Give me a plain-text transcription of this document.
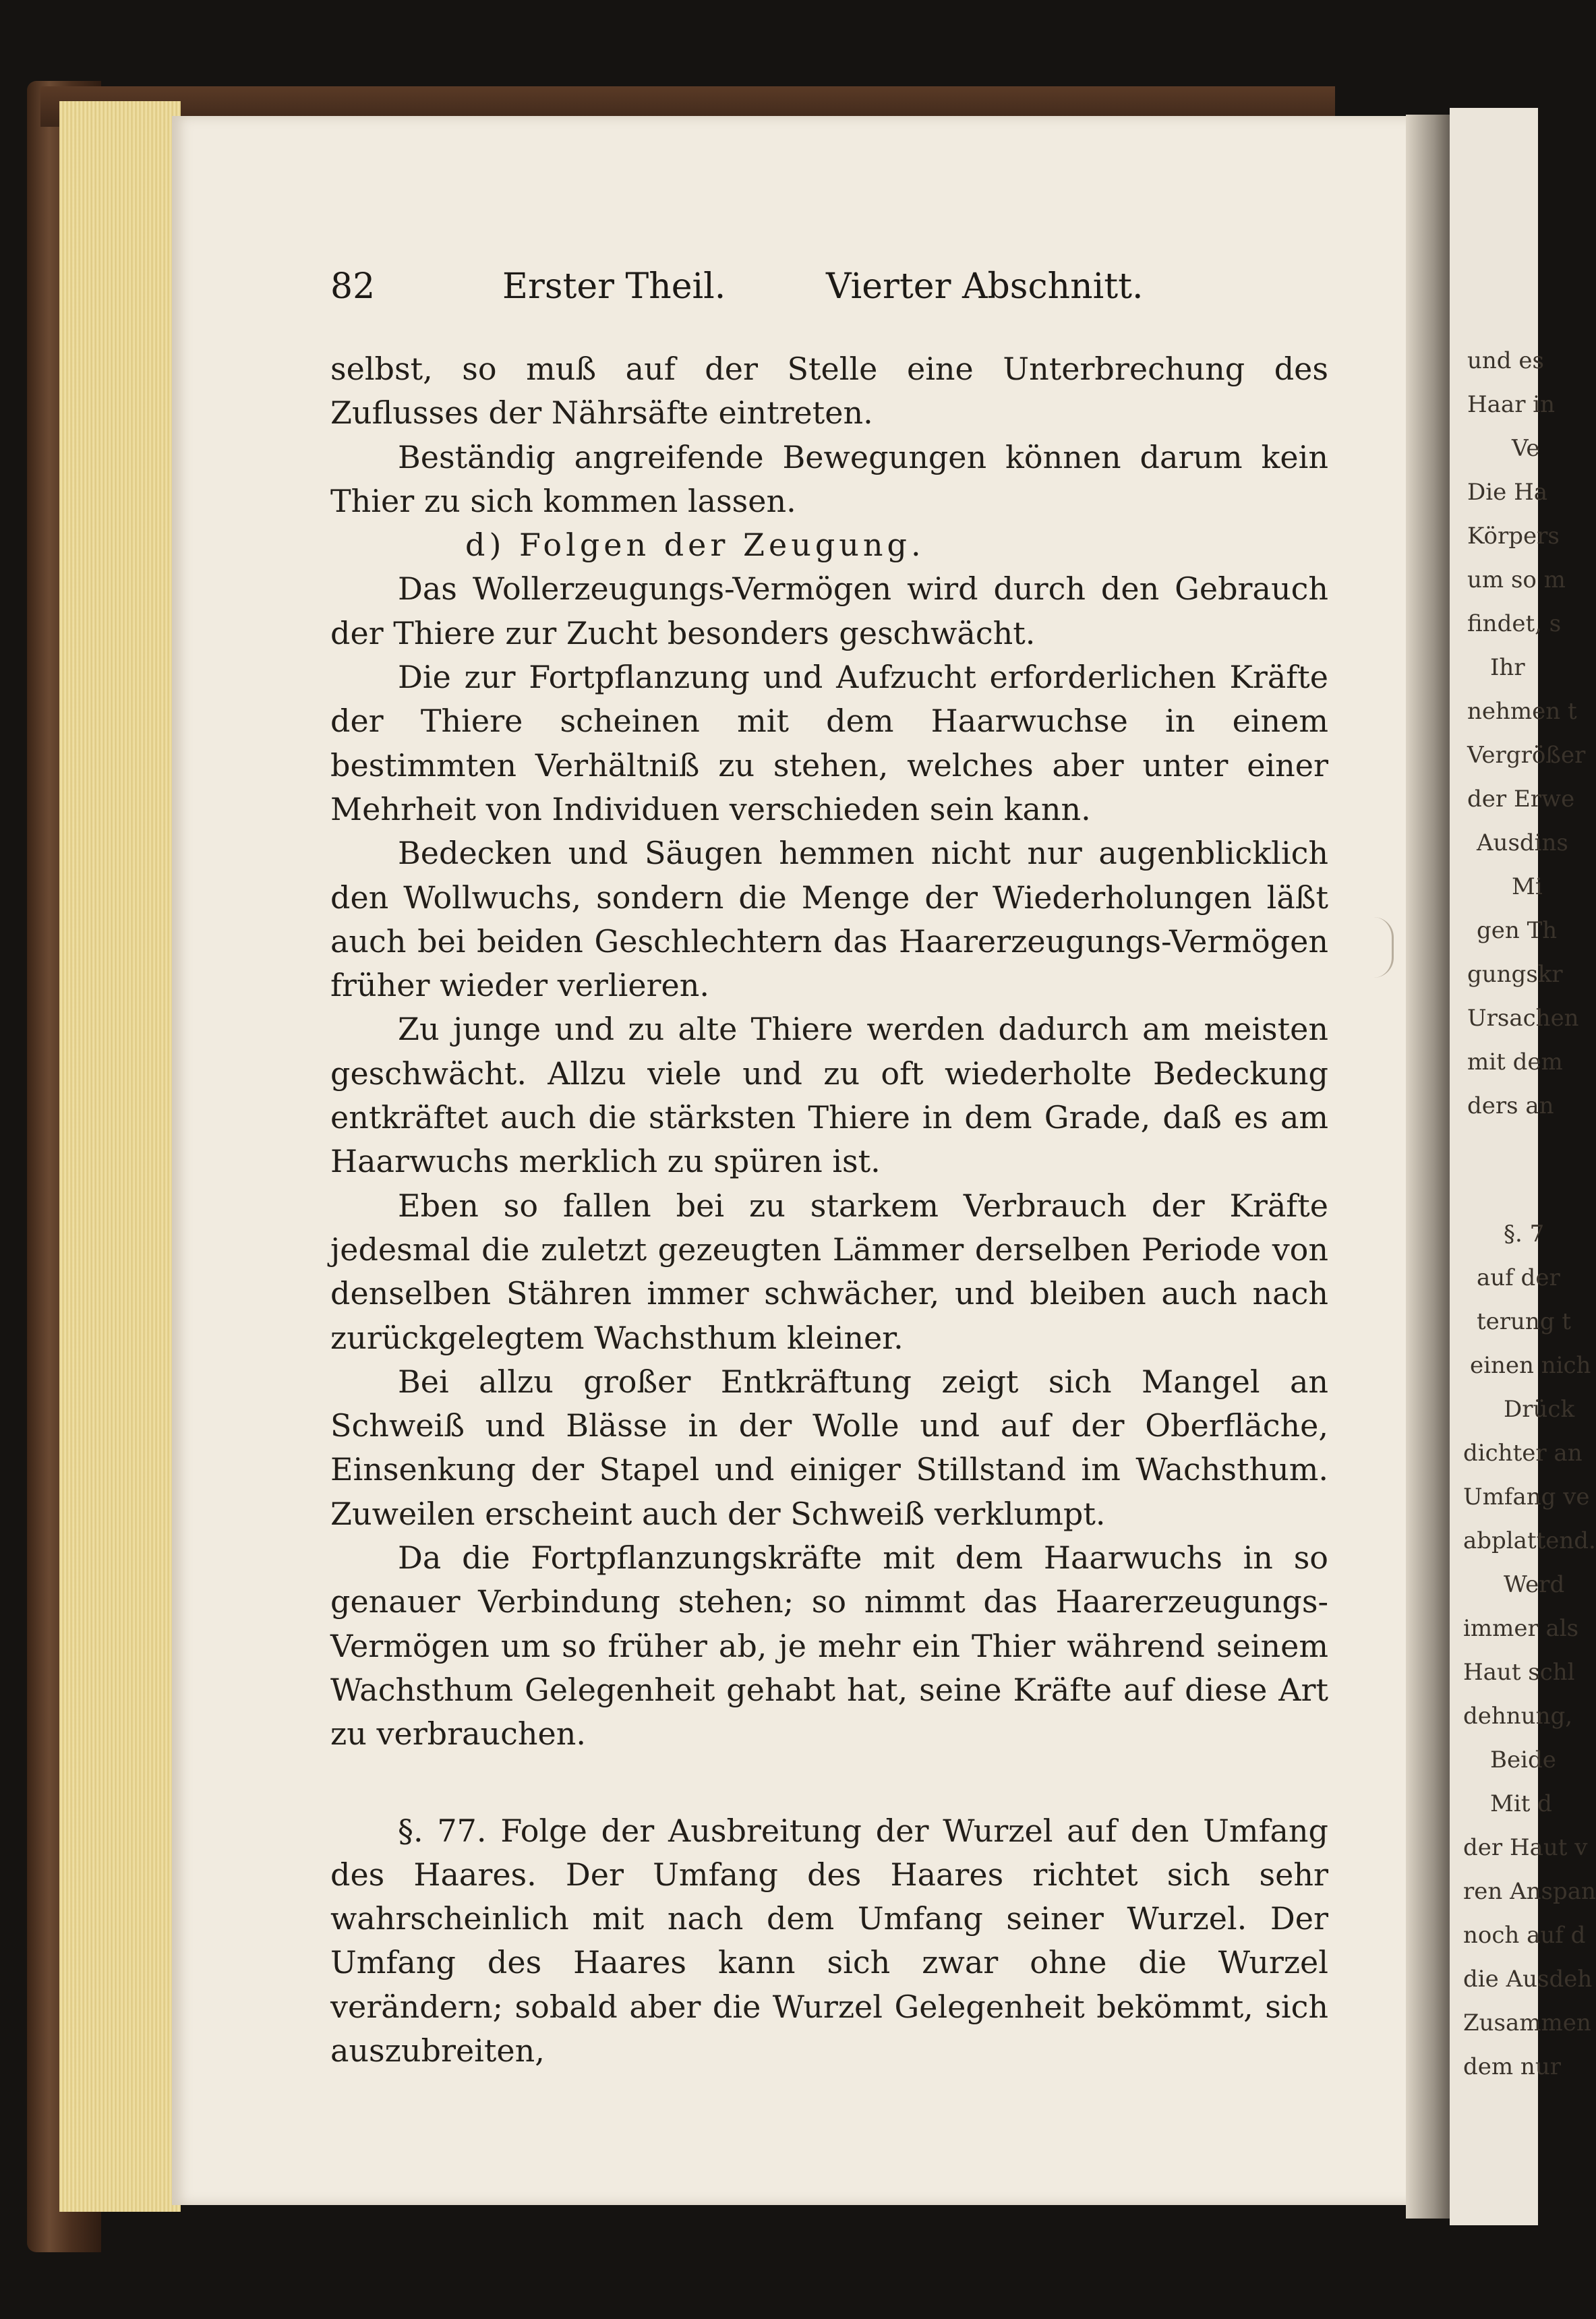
82	Erster Theil.	Vierter Abschnitt.

selbst, so muß auf der Stelle eine Unterbrechung des Zuflusses der Nährsäfte eintreten.

Beständig angreifende Bewegungen können darum kein Thier zu sich kommen lassen.

d) Folgen der Zeugung.

Das Wollerzeugungs-Vermögen wird durch den Gebrauch der Thiere zur Zucht besonders geschwächt.

Die zur Fortpflanzung und Aufzucht erforderlichen Kräfte der Thiere scheinen mit dem Haarwuchse in einem bestimmten Verhältniß zu stehen, welches aber unter einer Mehrheit von Individuen verschieden sein kann.

Bedecken und Säugen hemmen nicht nur augenblicklich den Wollwuchs, sondern die Menge der Wiederholungen läßt auch bei beiden Geschlechtern das Haarerzeugungs-Vermögen früher wieder verlieren.

Zu junge und zu alte Thiere werden dadurch am meisten geschwächt. Allzu viele und zu oft wiederholte Bedeckung entkräftet auch die stärksten Thiere in dem Grade, daß es am Haarwuchs merklich zu spüren ist.

Eben so fallen bei zu starkem Verbrauch der Kräfte jedesmal die zuletzt gezeugten Lämmer derselben Periode von denselben Stähren immer schwächer, und bleiben auch nach zurückgelegtem Wachsthum kleiner.

Bei allzu großer Entkräftung zeigt sich Mangel an Schweiß und Blässe in der Wolle und auf der Oberfläche, Einsenkung der Stapel und einiger Stillstand im Wachsthum. Zuweilen erscheint auch der Schweiß verklumpt.

Da die Fortpflanzungskräfte mit dem Haarwuchs in so genauer Verbindung stehen; so nimmt das Haarerzeugungs-Vermögen um so früher ab, je mehr ein Thier während seinem Wachsthum Gelegenheit gehabt hat, seine Kräfte auf diese Art zu verbrauchen.

§. 77. Folge der Ausbreitung der Wurzel auf den Umfang des Haares. Der Umfang des Haares richtet sich sehr wahrscheinlich mit nach dem Umfang seiner Wurzel. Der Umfang des Haares kann sich zwar ohne die Wurzel verändern; sobald aber die Wurzel Gelegenheit bekömmt, sich auszubreiten,

und es
Haar in
Ve
Die Ha
Körpers
um so m
findet, s
Ihr
nehmen t
Vergrößer
der Erwe
Ausdins
Mi
gen Th
gungskr
Ursachen
mit dem
ders an
§. 7
auf der
terung t
einen nich
Drück
dichter an
Umfang ve
abplattend.
Werd
immer als
Haut schl
dehnung,
Beide
Mit d
der Haut v
ren Anspan
noch auf d
die Ausdeh
Zusammen
dem nur
